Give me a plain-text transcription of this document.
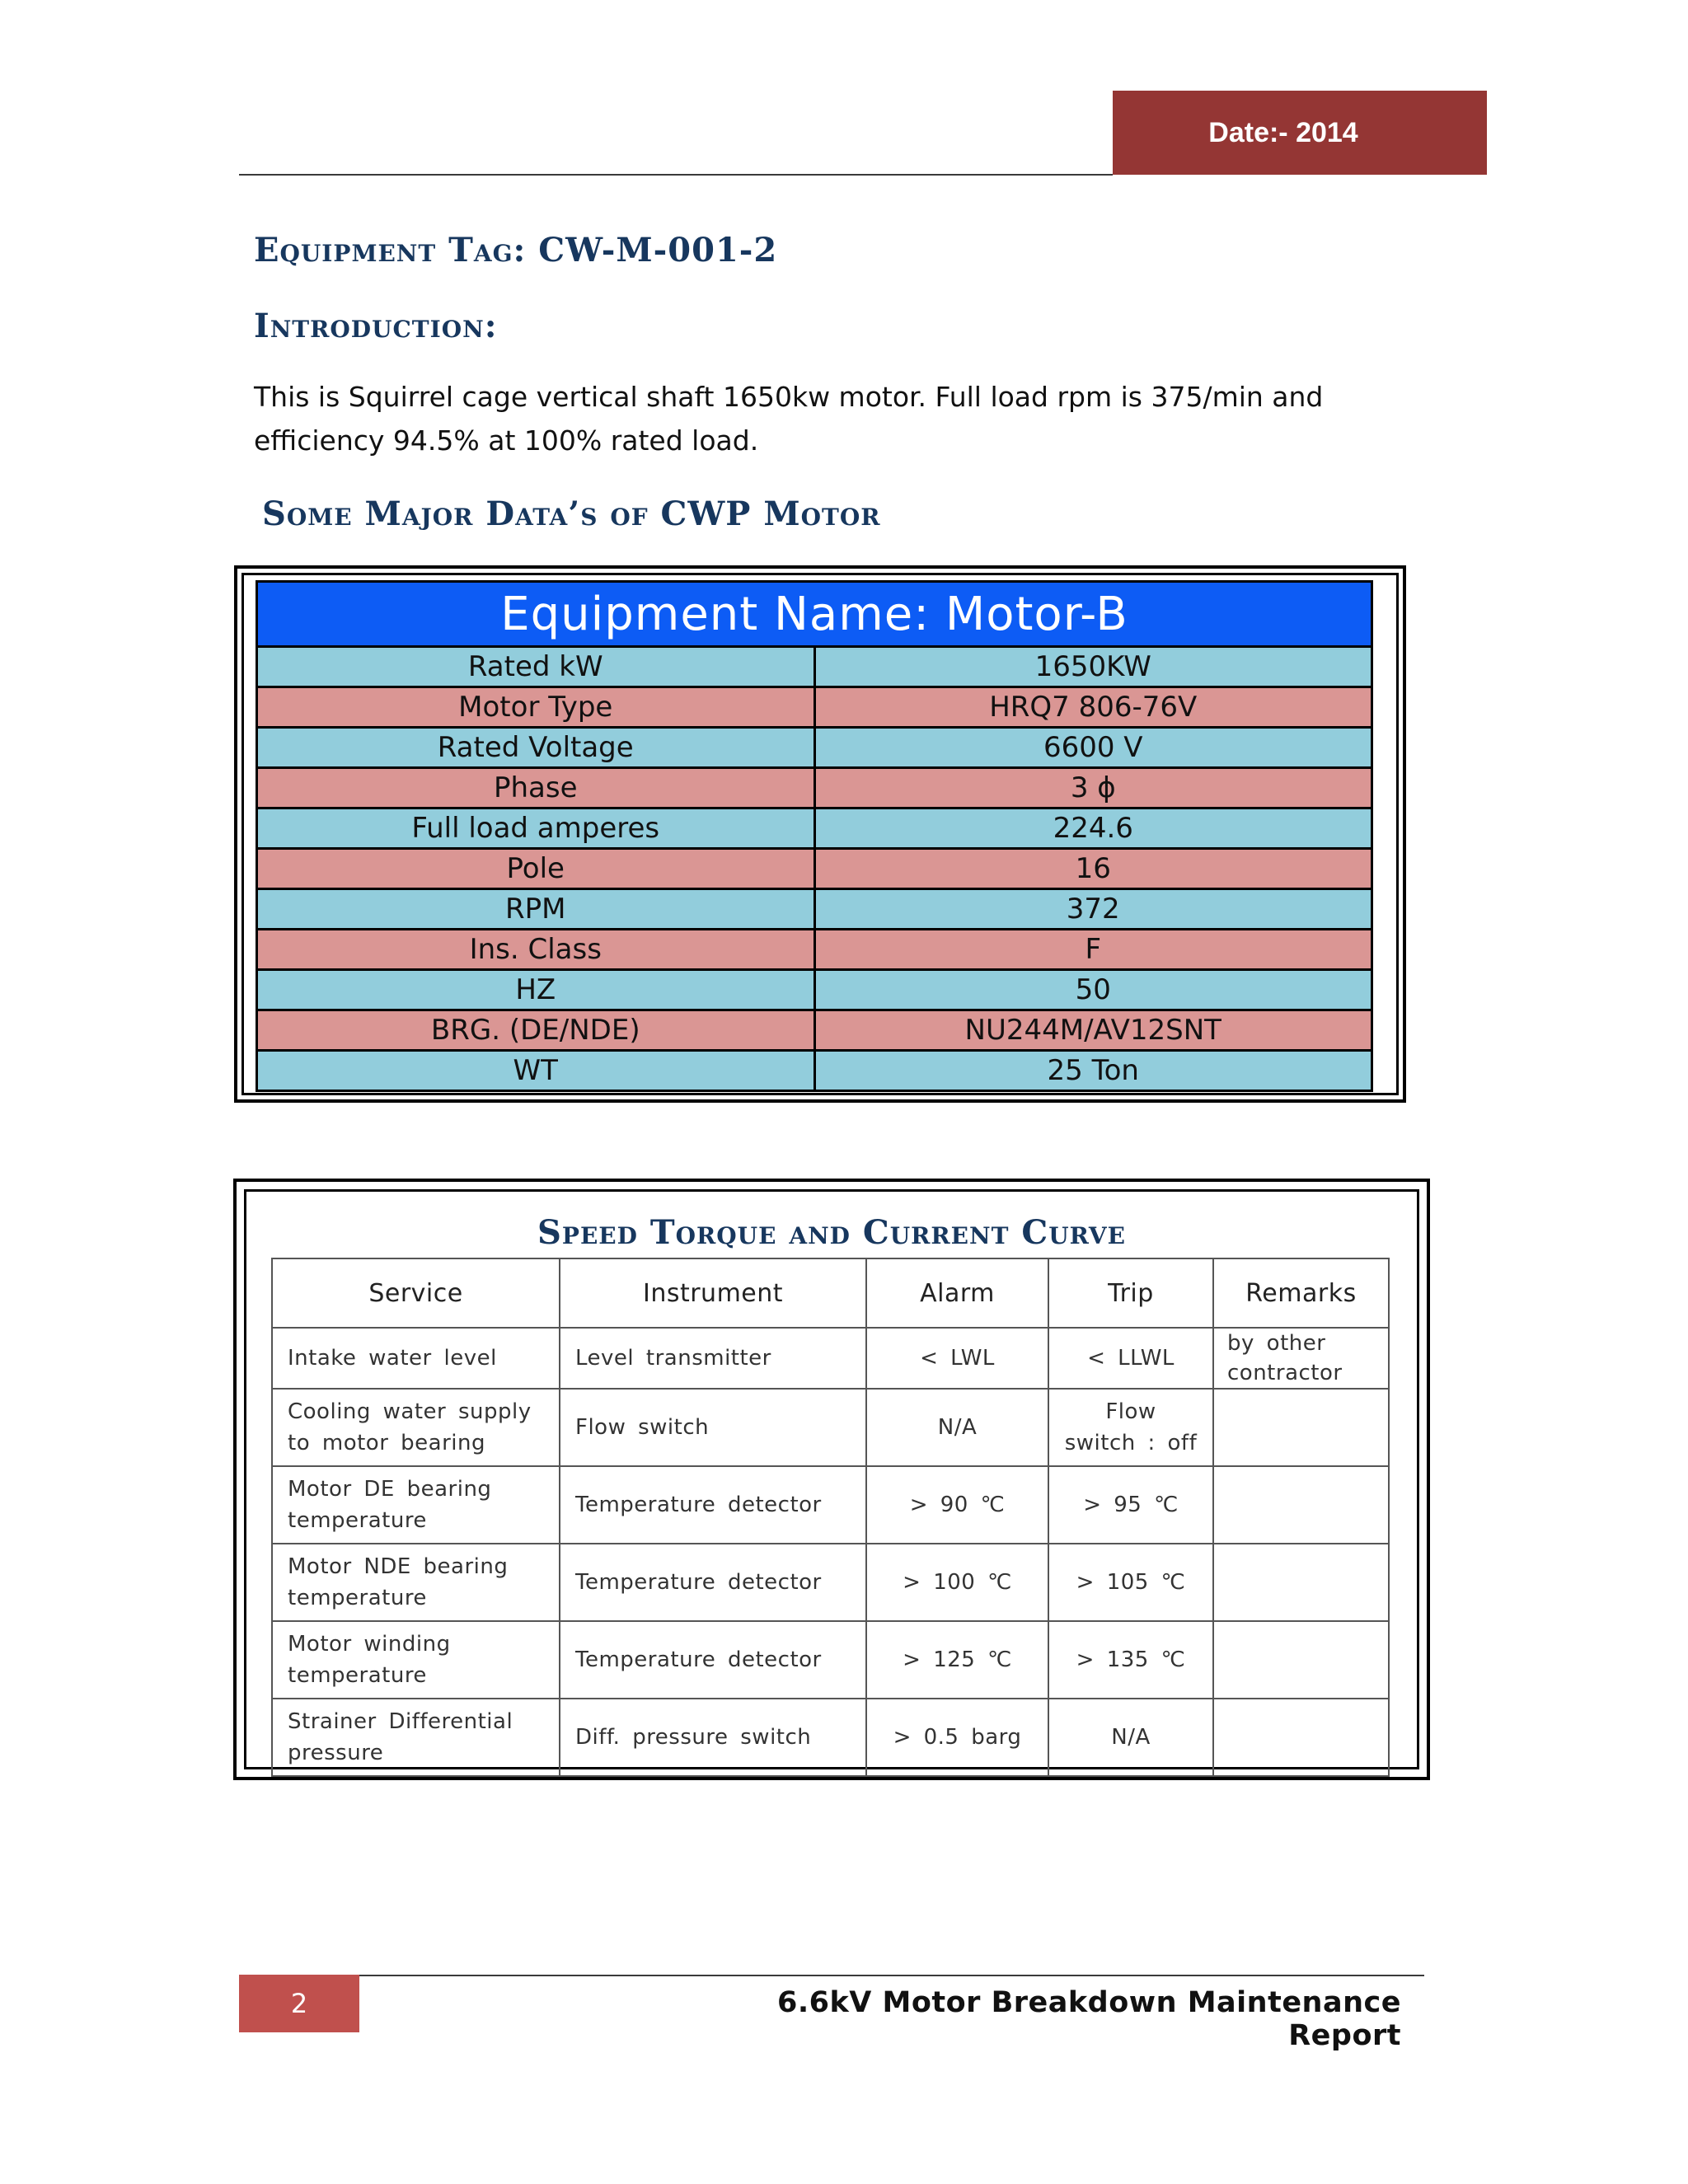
Date:- 2014
Equipment Tag: CW-M-001-2
Introduction:
This is Squirrel cage vertical shaft 1650kw motor. Full load rpm is 375/min and efficiency 94.5% at 100% rated load.
Some Major Data’s of CWP Motor
Equipment Name: Motor-B	
Rated kW	1650KW
Motor Type	HRQ7 806-76V
Rated Voltage	6600 V
Phase	3 ϕ
Full load amperes	224.6
Pole	16
RPM	372
Ins. Class	F
HZ	50
BRG. (DE/NDE)	NU244M/AV12SNT
WT	25 Ton
Speed Torque and Current Curve
Service	Instrument	Alarm	Trip	Remarks
Intake water level	Level transmitter	< LWL	< LLWL	by other contractor
Cooling water supply to motor bearing	Flow switch	N/A	Flow switch : off	
Motor DE bearing temperature	Temperature detector	> 90 ℃	> 95 ℃	
Motor NDE bearing temperature	Temperature detector	> 100 ℃	> 105 ℃	
Motor winding temperature	Temperature detector	> 125 ℃	> 135 ℃	
Strainer Differential pressure	Diff. pressure switch	> 0.5 barg	N/A	
2	6.6kV Motor Breakdown Maintenance Report
